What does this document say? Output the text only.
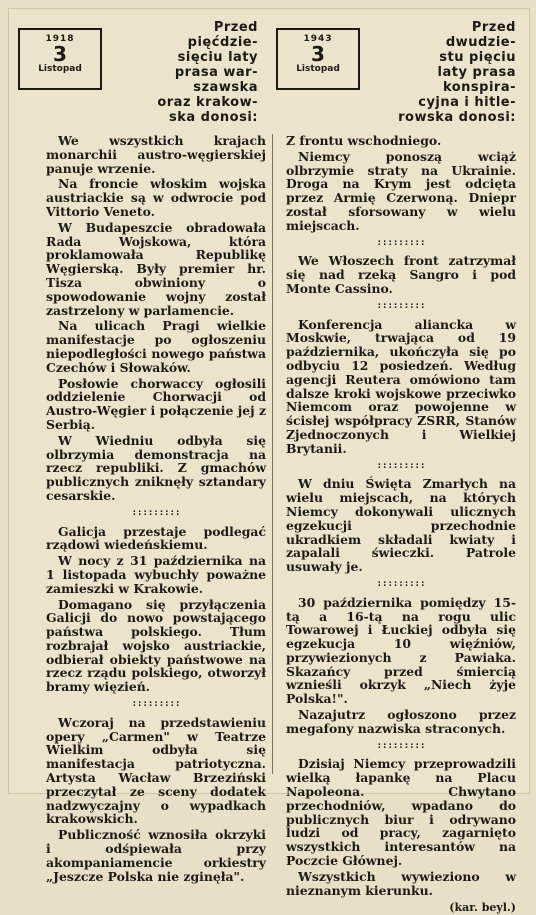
1918
3
Listopad
Przed
pięćdzie-
sięciu laty
prasa war-
szawska
oraz krakow-
ska donosi:
1943
3
Listopad
Przed
dwudzie-
stu pięciu
laty prasa
konspira-
cyjna i hitle-
rowska donosi:

We wszystkich krajach monarchii austro-węgierskiej panuje wrzenie.

Na froncie włoskim wojska austriackie są w odwrocie pod Vittorio Veneto.

W Budapeszcie obradowała Rada Wojskowa, która proklamowała Republikę Węgierską. Były premier hr. Tisza obwiniony o spowodowanie wojny został zastrzelony w parlamencie.

Na ulicach Pragi wielkie manifestacje po ogłoszeniu niepodległości nowego państwa Czechów i Słowaków.

Posłowie chorwaccy ogłosili oddzielenie Chorwacji od Austro-Węgier i połączenie jej z Serbią.

W Wiedniu odbyła się olbrzymia demonstracja na rzecz republiki. Z gmachów publicznych zniknęły sztandary cesarskie.

:::::::::

Galicja przestaje podlegać rządowi wiedeńskiemu.

W nocy z 31 października na 1 listopada wybuchły poważne zamieszki w Krakowie.

Domagano się przyłączenia Galicji do nowo powstającego państwa polskiego. Tłum rozbrajał wojsko austriackie, odbierał obiekty państwowe na rzecz rządu polskiego, otworzył bramy więzień.

:::::::::

Wczoraj na przedstawieniu opery „Carmen" w Teatrze Wielkim odbyła się manifestacja patriotyczna. Artysta Wacław Brzeziński przeczytał ze sceny dodatek nadzwyczajny o wypadkach krakowskich.

Publiczność wznosiła okrzyki i odśpiewała przy akompaniamencie orkiestry „Jeszcze Polska nie zginęła".

Z frontu wschodniego.

Niemcy ponoszą wciąż olbrzymie straty na Ukrainie. Droga na Krym jest odcięta przez Armię Czerwoną. Dniepr został sforsowany w wielu miejscach.

:::::::::

We Włoszech front zatrzymał się nad rzeką Sangro i pod Monte Cassino.

:::::::::

Konferencja aliancka w Moskwie, trwająca od 19 października, ukończyła się po odbyciu 12 posiedzeń. Według agencji Reutera omówiono tam dalsze kroki wojskowe przeciwko Niemcom oraz powojenne w ścisłej współpracy ZSRR, Stanów Zjednoczonych i Wielkiej Brytanii.

:::::::::

W dniu Święta Zmarłych na wielu miejscach, na których Niemcy dokonywali ulicznych egzekucji przechodnie ukradkiem składali kwiaty i zapalali świeczki. Patrole usuwały je.

:::::::::

30 października pomiędzy 15-tą a 16-tą na rogu ulic Towarowej i Łuckiej odbyła się egzekucja 10 więźniów, przywiezionych z Pawiaka. Skazańcy przed śmiercią wznieśli okrzyk „Niech żyje Polska!".

Nazajutrz ogłoszono przez megafony nazwiska straconych.

:::::::::

Dzisiaj Niemcy przeprowadzili wielką łapankę na Placu Napoleona. Chwytano przechodniów, wpadano do publicznych biur i odrywano ludzi od pracy, zagarnięto wszystkich interesantów na Poczcie Głównej.

Wszystkich wywieziono w nieznanym kierunku.

(kar. beyl.)
